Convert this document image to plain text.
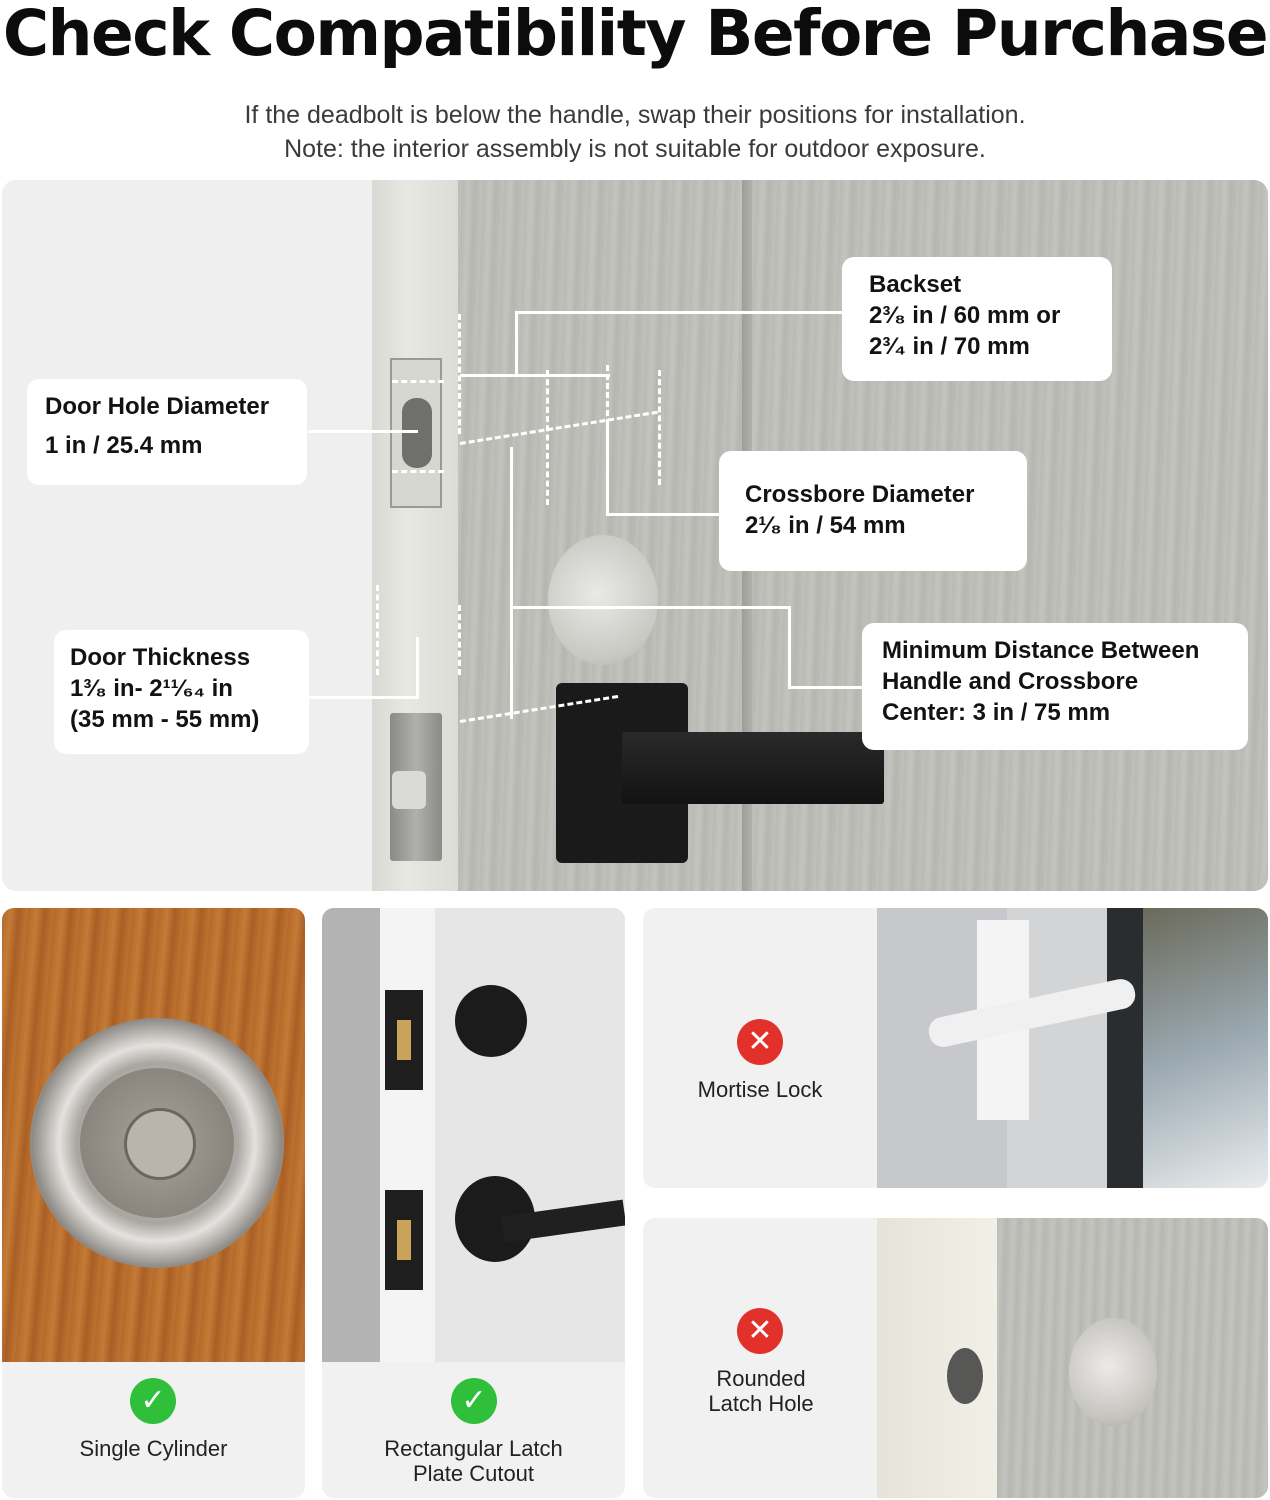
Check Compatibility Before Purchase
If the deadbolt is below the handle, swap their positions for installation.
Note: the interior assembly is not suitable for outdoor exposure.
Door Hole Diameter
1 in / 25.4 mm
Backset
2³⁄₈ in / 60 mm or
2³⁄₄ in / 70 mm
Crossbore Diameter
2¹⁄₈ in / 54 mm
Door Thickness
1³⁄₈ in- 2¹¹⁄₆₄ in
(35 mm - 55 mm)
Minimum Distance Between
Handle and Crossbore
Center: 3 in / 75 mm
✓
Single Cylinder
✓
Rectangular Latch
Plate Cutout
✕
Mortise Lock
✕
Rounded
Latch Hole
